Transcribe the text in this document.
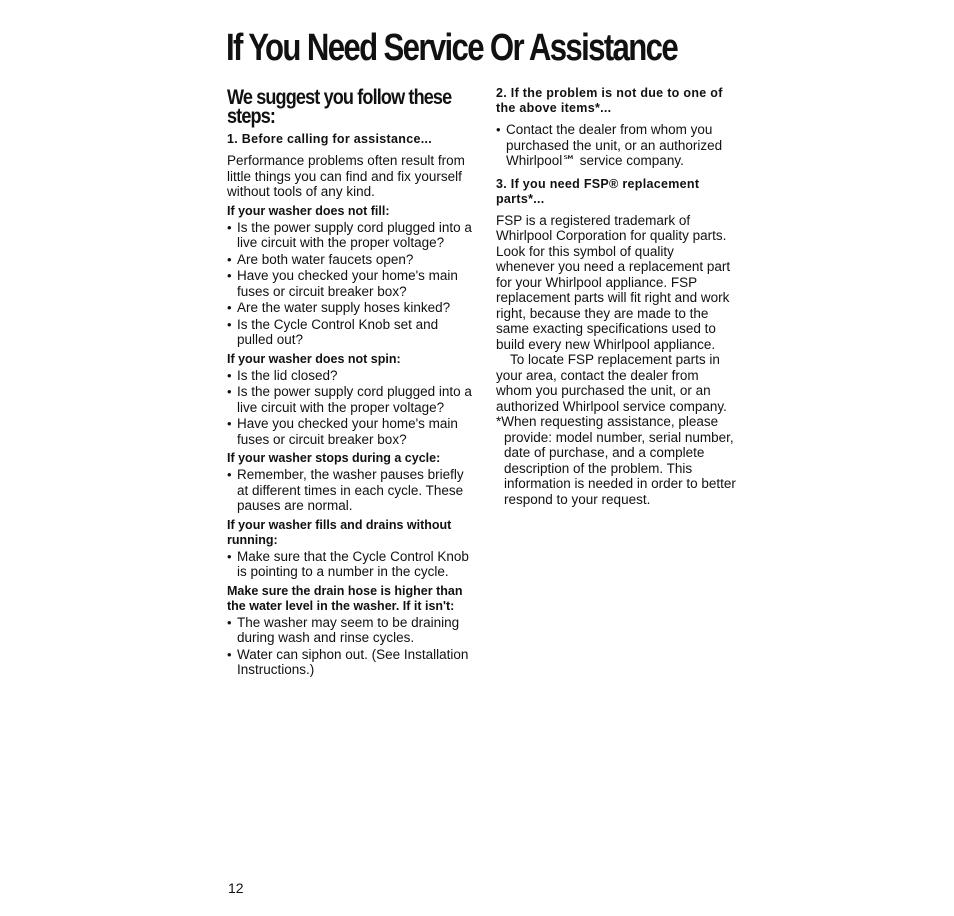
If You Need Service Or Assistance
We suggest you follow these steps:
1. Before calling for assistance...

Performance problems often result from little things you can find and fix yourself without tools of any kind.

If your washer does not fill:
• Is the power supply cord plugged into a live circuit with the proper voltage?
• Are both water faucets open?
• Have you checked your home's main fuses or circuit breaker box?
• Are the water supply hoses kinked?
• Is the Cycle Control Knob set and pulled out?
If your washer does not spin:
• Is the lid closed?
• Is the power supply cord plugged into a live circuit with the proper voltage?
• Have you checked your home's main fuses or circuit breaker box?
If your washer stops during a cycle:
• Remember, the washer pauses briefly at different times in each cycle. These pauses are normal.
If your washer fills and drains without running:
• Make sure that the Cycle Control Knob is pointing to a number in the cycle.
Make sure the drain hose is higher than the water level in the washer. If it isn't:
• The washer may seem to be draining during wash and rinse cycles.
• Water can siphon out. (See Installation Instructions.)
2. If the problem is not due to one of the above items*...
• Contact the dealer from whom you purchased the unit, or an authorized Whirlpool℠ service company.
3. If you need FSP® replacement parts*...

FSP is a registered trademark of Whirlpool Corporation for quality parts. Look for this symbol of quality whenever you need a replacement part for your Whirlpool appliance. FSP replacement parts will fit right and work right, because they are made to the same exacting specifications used to build every new Whirlpool appliance.

To locate FSP replacement parts in your area, contact the dealer from whom you purchased the unit, or an authorized Whirlpool service company.

*When requesting assistance, please provide: model number, serial number, date of purchase, and a complete description of the problem. This information is needed in order to better respond to your request.

12
